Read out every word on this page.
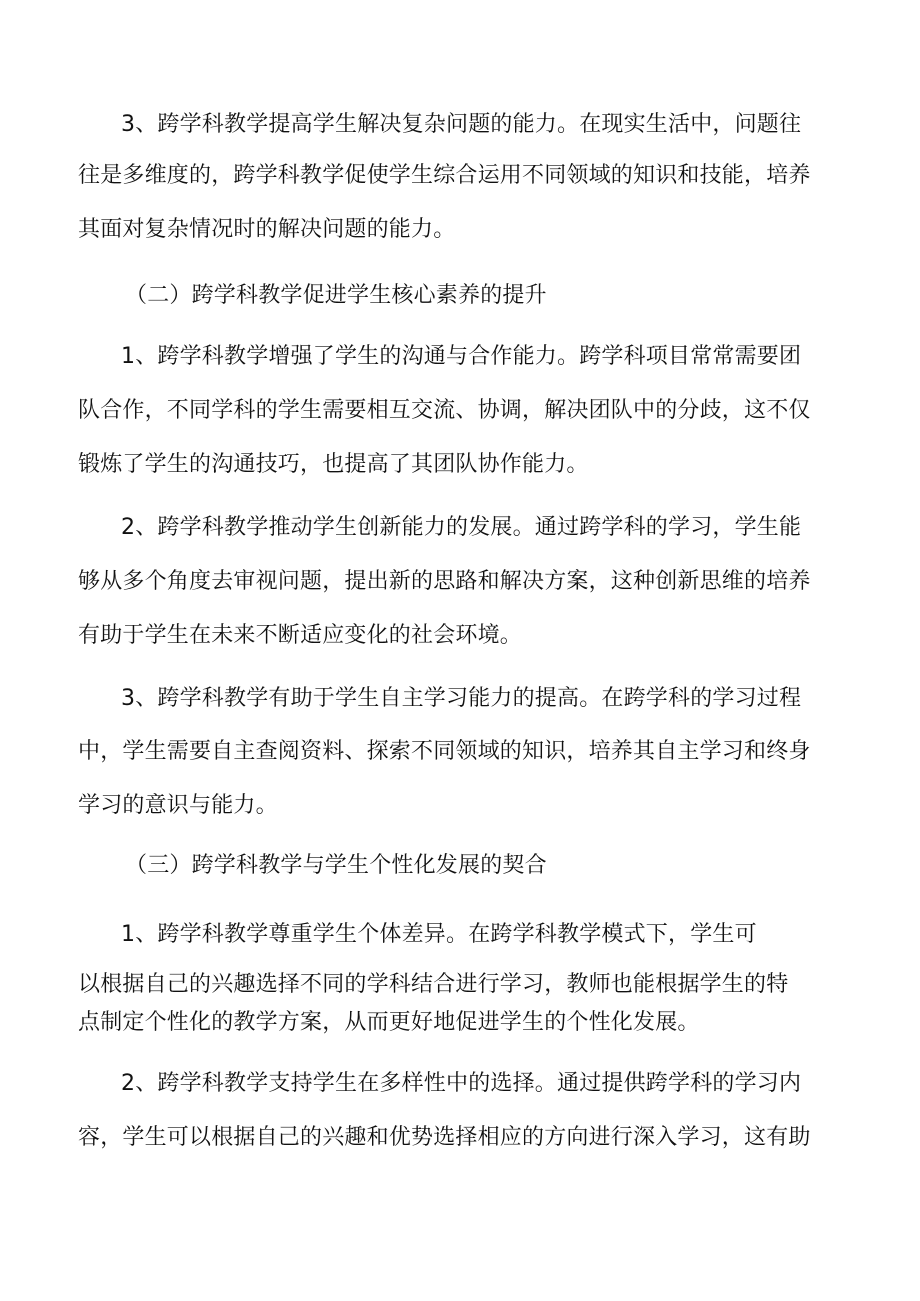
3、跨学科教学提高学生解决复杂问题的能力。在现实生活中，问题往
往是多维度的，跨学科教学促使学生综合运用不同领域的知识和技能，培养
其面对复杂情况时的解决问题的能力。
（二）跨学科教学促进学生核心素养的提升
1、跨学科教学增强了学生的沟通与合作能力。跨学科项目常常需要团
队合作，不同学科的学生需要相互交流、协调，解决团队中的分歧，这不仅
锻炼了学生的沟通技巧，也提高了其团队协作能力。
2、跨学科教学推动学生创新能力的发展。通过跨学科的学习，学生能
够从多个角度去审视问题，提出新的思路和解决方案，这种创新思维的培养
有助于学生在未来不断适应变化的社会环境。
3、跨学科教学有助于学生自主学习能力的提高。在跨学科的学习过程
中，学生需要自主查阅资料、探索不同领域的知识，培养其自主学习和终身
学习的意识与能力。
（三）跨学科教学与学生个性化发展的契合
1、跨学科教学尊重学生个体差异。在跨学科教学模式下，学生可
以根据自己的兴趣选择不同的学科结合进行学习，教师也能根据学生的特
点制定个性化的教学方案，从而更好地促进学生的个性化发展。
2、跨学科教学支持学生在多样性中的选择。通过提供跨学科的学习内
容，学生可以根据自己的兴趣和优势选择相应的方向进行深入学习，这有助
